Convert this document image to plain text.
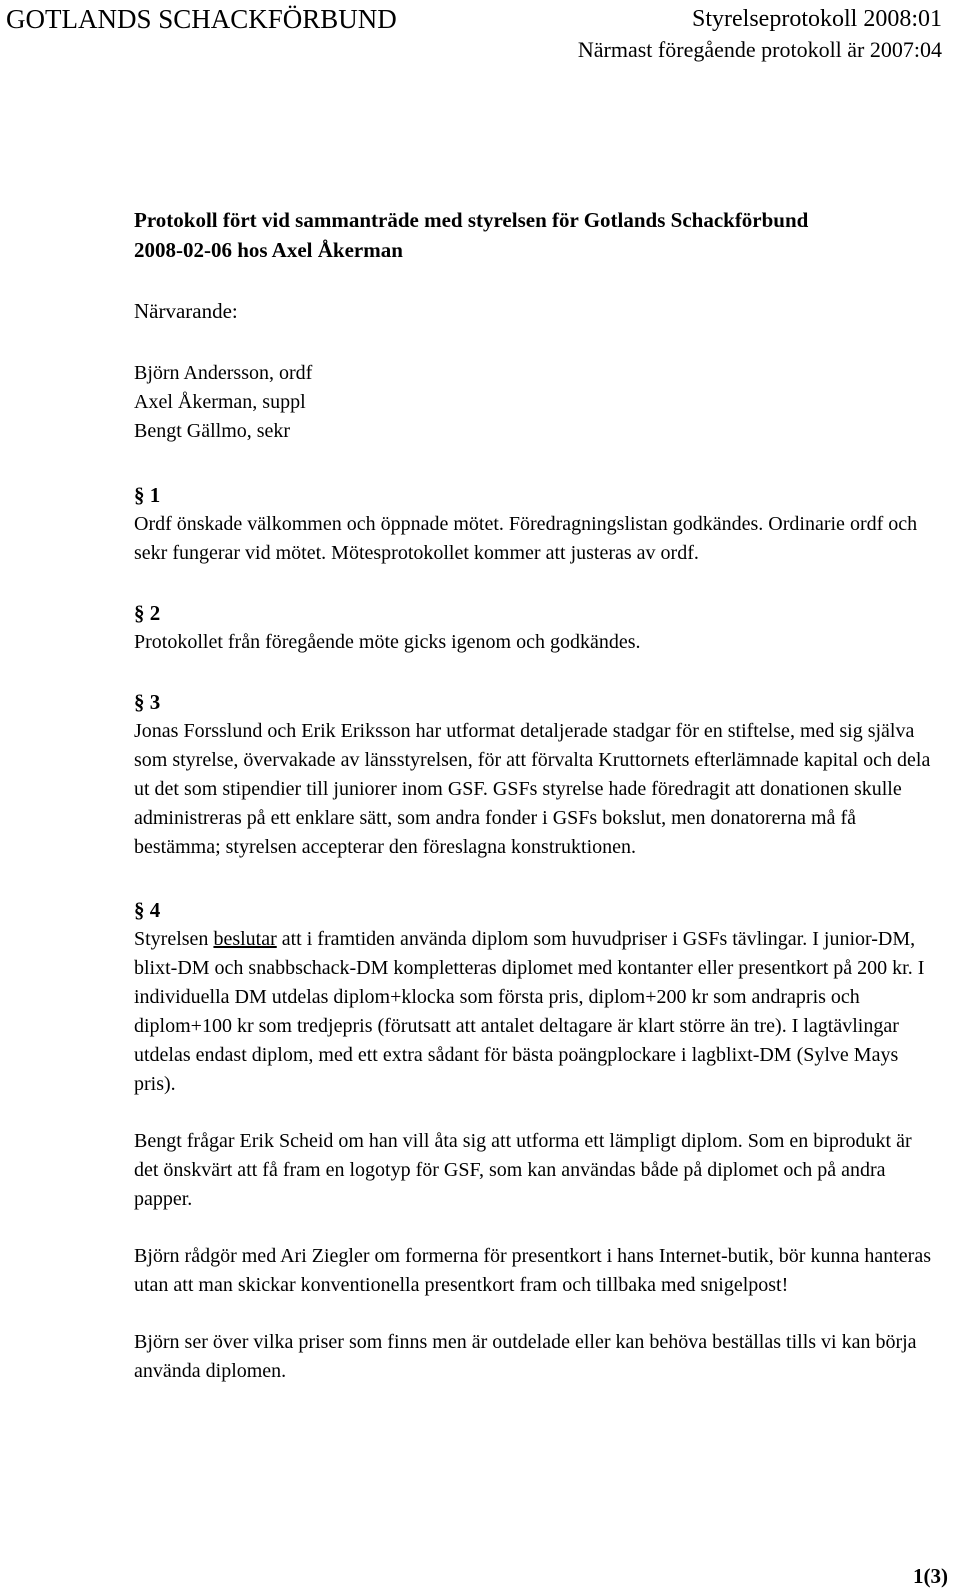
GOTLANDS SCHACKFÖRBUND	Styrelseprotokoll 2008:01
Närmast föregående protokoll är 2007:04

Protokoll fört vid sammanträde med styrelsen för Gotlands Schackförbund
2008-02-06 hos Axel Åkerman

Närvarande:

Björn Andersson, ordf
Axel Åkerman, suppl
Bengt Gällmo, sekr

§ 1

Ordf önskade välkommen och öppnade mötet. Föredragningslistan godkändes. Ordinarie ordf och sekr fungerar vid mötet. Mötesprotokollet kommer att justeras av ordf.

§ 2

Protokollet från föregående möte gicks igenom och godkändes.

§ 3

Jonas Forsslund och Erik Eriksson har utformat detaljerade stadgar för en stiftelse, med sig själva som styrelse, övervakade av länsstyrelsen, för att förvalta Kruttornets efterlämnade kapital och dela ut det som stipendier till juniorer inom GSF. GSFs styrelse hade föredragit att donationen skulle administreras på ett enklare sätt, som andra fonder i GSFs bokslut, men donatorerna må få bestämma; styrelsen accepterar den föreslagna konstruktionen.

§ 4

Styrelsen beslutar att i framtiden använda diplom som huvudpriser i GSFs tävlingar. I junior-DM, blixt-DM och snabbschack-DM kompletteras diplomet med kontanter eller presentkort på 200 kr. I individuella DM utdelas diplom+klocka som första pris, diplom+200 kr som andrapris och diplom+100 kr som tredjepris (förutsatt att antalet deltagare är klart större än tre). I lagtävlingar utdelas endast diplom, med ett extra sådant för bästa poängplockare i lagblixt-DM (Sylve Mays pris).

Bengt frågar Erik Scheid om han vill åta sig att utforma ett lämpligt diplom. Som en biprodukt är det önskvärt att få fram en logotyp för GSF, som kan användas både på diplomet och på andra papper.

Björn rådgör med Ari Ziegler om formerna för presentkort i hans Internet-butik, bör kunna hanteras utan att man skickar konventionella presentkort fram och tillbaka med snigelpost!

Björn ser över vilka priser som finns men är outdelade eller kan behöva beställas tills vi kan börja använda diplomen.

1(3)
